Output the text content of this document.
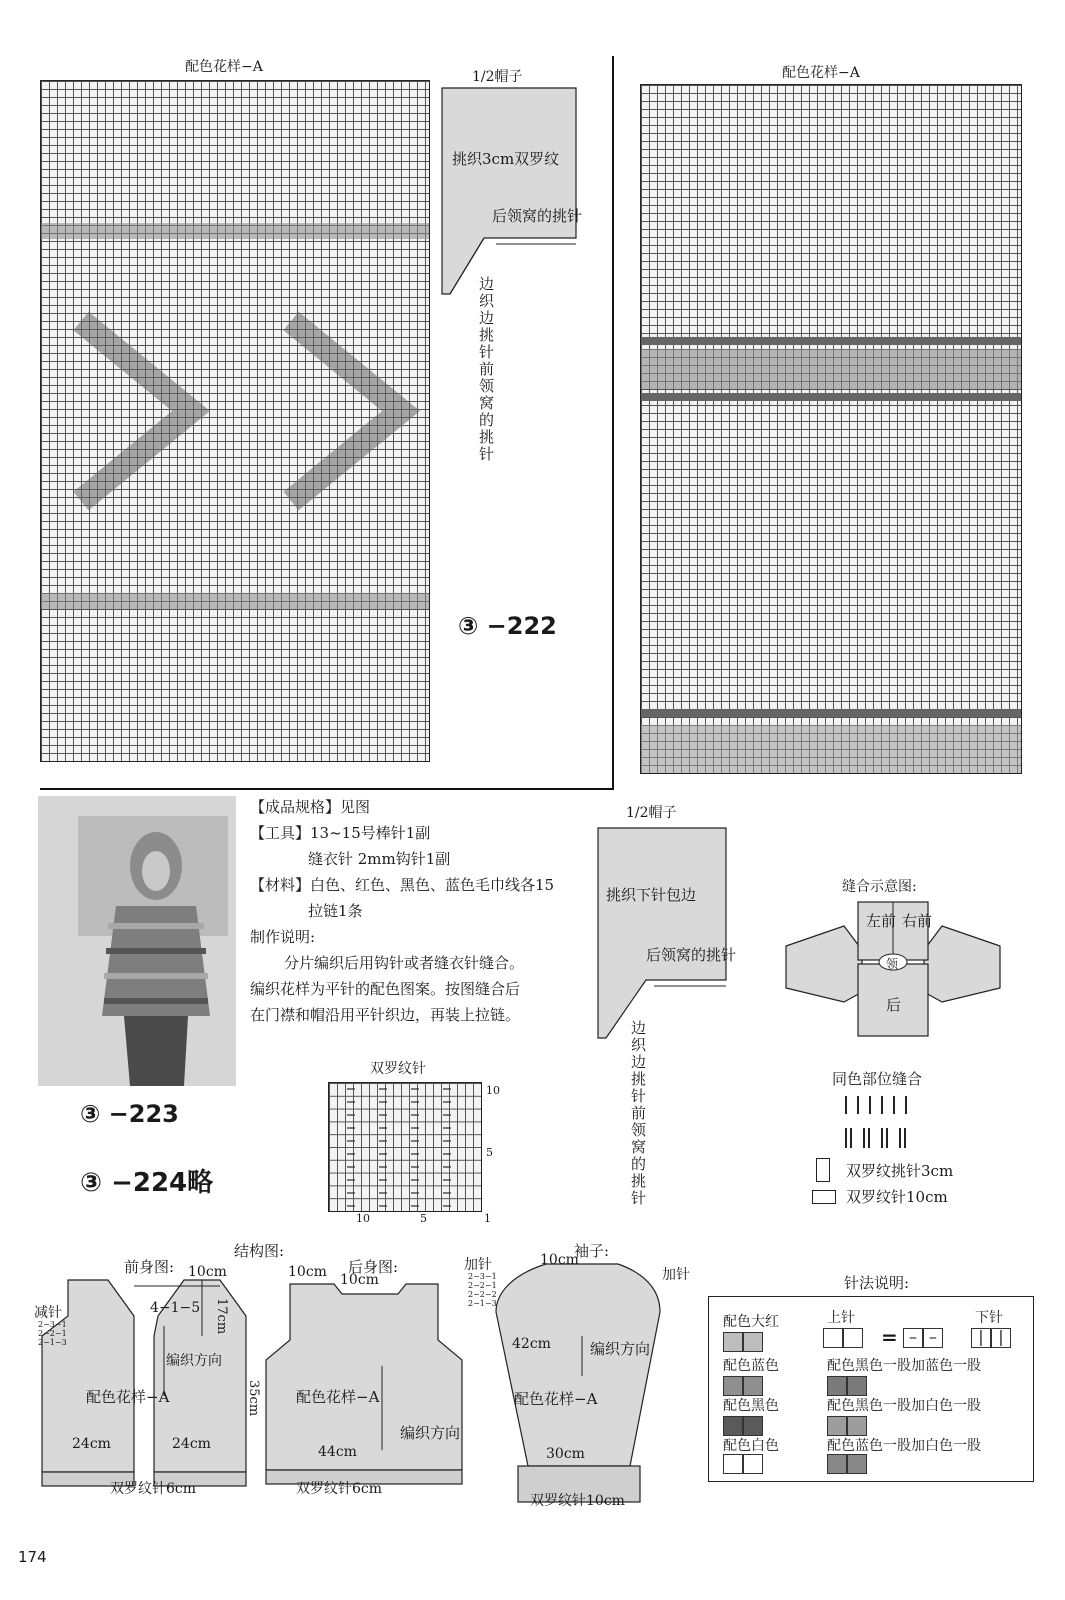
配色花样−A
1/2帽子
挑织3cm双罗纹
后领窝的挑针
边织边挑针前领窝的挑针
③ −222
配色花样−A
【成品规格】见图
【工具】13~15号棒针1副
缝衣针 2mm钩针1副
【材料】白色、红色、黑色、蓝色毛巾线各15
拉链1条
制作说明:
分片编织后用钩针或者缝衣针缝合。
编织花样为平针的配色图案。按图缝合后
在门襟和帽沿用平针织边，再装上拉链。
③ −223
③ −224略
双罗纹针
10
5
10	5	1
1/2帽子
挑织下针包边
后领窝的挑针
边织边挑针前领窝的挑针
缝合示意图:
左前 右前
领
后
同色部位缝合
双罗纹挑针3cm
双罗纹针10cm
结构图:
前身图:	后身图:
袖子:
减针
2−3−1
2−2−1
2−1−3
10cm
4−1−5 17cm
编织方向
配色花样−A
24cm	24cm
双罗纹针6cm
10cm 10cm
35cm 配色花样−A
编织方向
44cm
双罗纹针6cm
加针
加针
2−3−1
2−2−1
2−2−2
2−1−3
10cm
42cm	编织方向
配色花样−A
30cm
双罗纹针10cm
针法说明:
配色大红
配色蓝色
配色黑色
配色白色
上针
= – –
下针
| |
配色黑色一股加蓝色一股
配色黑色一股加白色一股
配色蓝色一股加白色一股
174
